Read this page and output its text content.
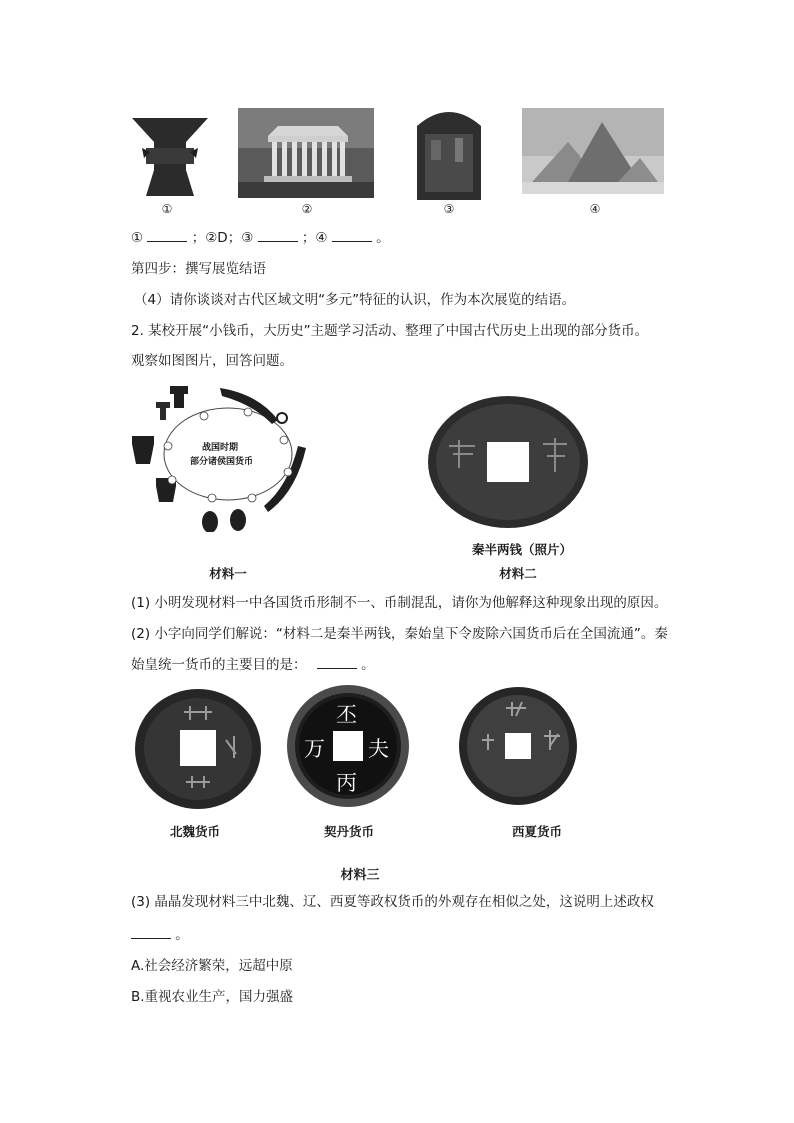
①	②	③	④
①	；②D；③	；④	。
第四步：撰写展览结语
（4）请你谈谈对古代区域文明“多元”特征的认识，作为本次展览的结语。
2. 某校开展“小钱币，大历史”主题学习活动、整理了中国古代历史上出现的部分货币。
观察如图图片，回答问题。
战国时期
部分诸侯国货币
材料一
秦半两钱（照片）
材料二
(1) 小明发现材料一中各国货币形制不一、币制混乱，请你为他解释这种现象出现的原因。
(2) 小字向同学们解说：“材料二是秦半两钱，秦始皇下令废除六国货币后在全国流通”。秦
始皇统一货币的主要目的是：	。
丕
万 夫
丙
北魏货币	契丹货币	西夏货币
材料三
(3) 晶晶发现材料三中北魏、辽、西夏等政权货币的外观存在相似之处，这说明上述政权
。
A.社会经济繁荣，远超中原
B.重视农业生产，国力强盛
